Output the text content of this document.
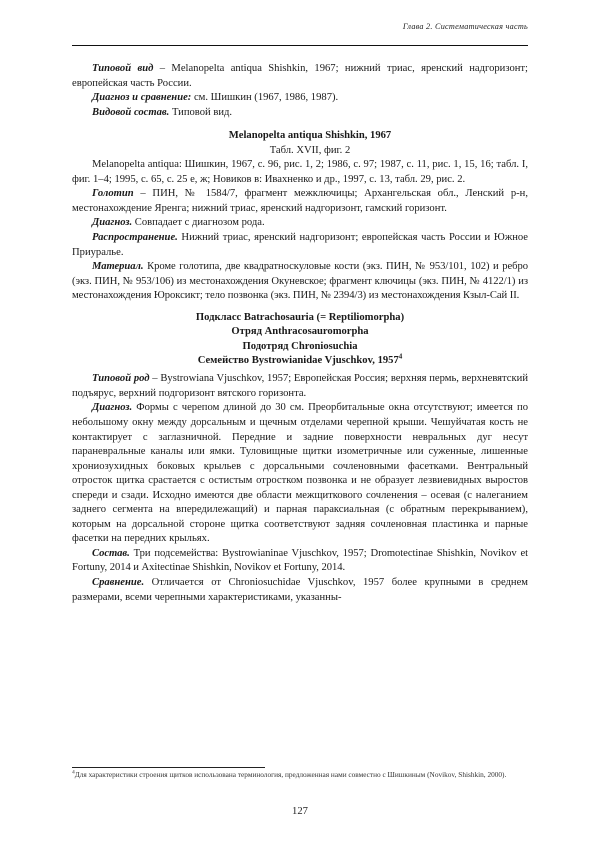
Глава 2. Систематическая часть

Типовой вид – Melanopelta antiqua Shishkin, 1967; нижний триас, яренский надгоризонт; европейская часть России.

Диагноз и сравнение: см. Шишкин (1967, 1986, 1987).

Видовой состав. Типовой вид.

Melanopelta antiqua Shishkin, 1967

Табл. XVII, фиг. 2

Melanopelta antiqua: Шишкин, 1967, с. 96, рис. 1, 2; 1986, с. 97; 1987, с. 11, рис. 1, 15, 16; табл. I, фиг. 1–4; 1995, с. 65, с. 25 е, ж; Новиков в: Ивахненко и др., 1997, с. 13, табл. 29, рис. 2.

Голотип – ПИН, № 1584/7, фрагмент межключицы; Архангельская обл., Ленский р-н, местонахождение Яренга; нижний триас, яренский надгоризонт, гамский горизонт.

Диагноз. Совпадает с диагнозом рода.

Распространение. Нижний триас, яренский надгоризонт; европейская часть России и Южное Приуралье.

Материал. Кроме голотипа, две квадратноскуловые кости (экз. ПИН, № 953/101, 102) и ребро (экз. ПИН, № 953/106) из местонахождения Окуневское; фрагмент ключицы (экз. ПИН, № 4122/1) из местонахождения Юроксикт; тело позвонка (экз. ПИН, № 2394/3) из местонахождения Кзыл-Сай II.

Подкласс Batrachosauria (= Reptiliomorpha)

Отряд Anthracosauromorpha

Подотряд Chroniosuchia

Семейство Bystrowianidae Vjuschkov, 1957$^4$

Типовой род – Bystrowiana Vjuschkov, 1957; Европейская Россия; верхняя пермь, верхневятский подъярус, верхний подгоризонт вятского горизонта.

Диагноз. Формы с черепом длиной до 30 см. Преорбитальные окна отсутствуют; имеется по небольшому окну между дорсальным и щечным отделами черепной крыши. Чешуйчатая кость не контактирует с заглазничной. Передние и задние поверхности невральных дуг несут параневральные каналы или ямки. Туловищные щитки изометричные или суженные, лишенные хрониозухидных боковых крыльев с дорсальными сочленовными фасетками. Вентральный отросток щитка срастается с остистым отростком позвонка и не образует лезвиевидных выростов спереди и сзади. Исходно имеются две области межщиткового сочленения – осевая (с налеганием заднего сегмента на впередилежащий) и парная параксиальная (с обратным перекрыванием), которым на дорсальной стороне щитка соответствуют задняя сочленовная пластинка и парные фасетки на передних крыльях.

Состав. Три подсемейства: Bystrowianinae Vjuschkov, 1957; Dromotectinae Shishkin, Novikov et Fortuny, 2014 и Axitectinae Shishkin, Novikov et Fortuny, 2014.

Сравнение. Отличается от Chroniosuchidae Vjuschkov, 1957 более крупными в среднем размерами, всеми черепными характеристиками, указанны-

$^4$Для характеристики строения щитков использована терминология, предложенная нами совместно с Шишкиным (Novikov, Shishkin, 2000).
127
